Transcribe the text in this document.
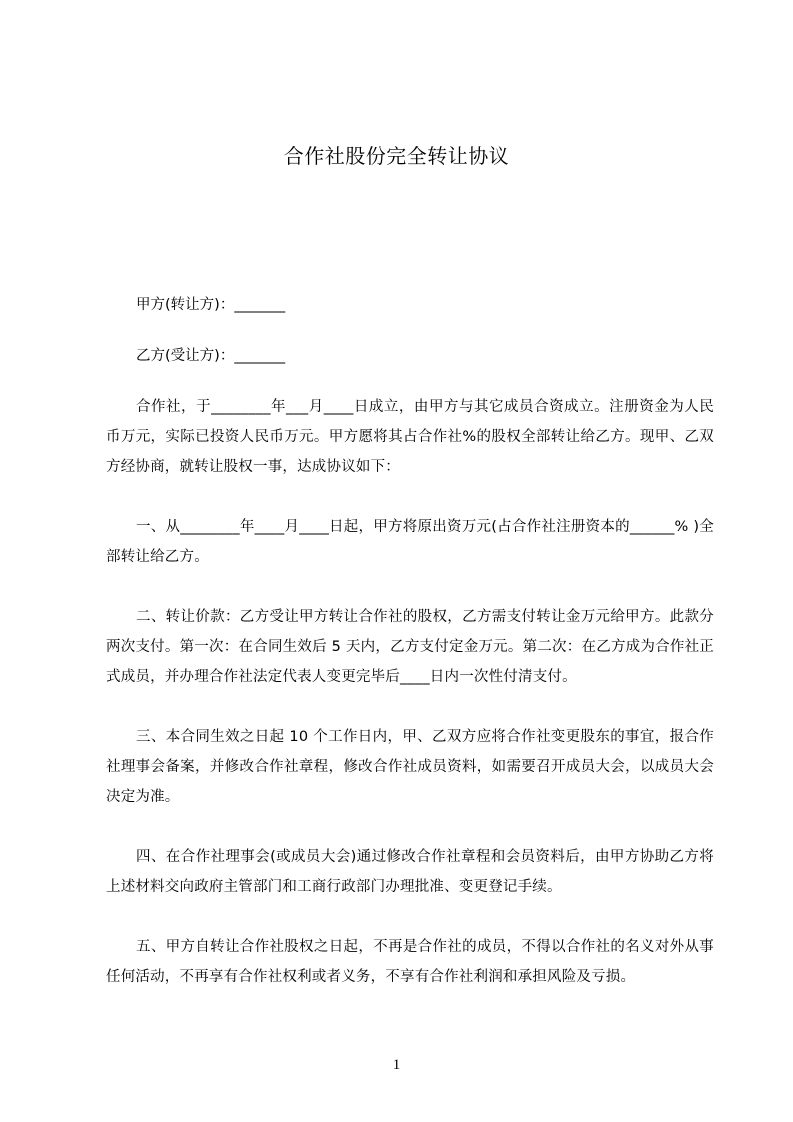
合作社股份完全转让协议

甲方(转让方)：_______

乙方(受让方)：_______

合作社，于________年___月____日成立，由甲方与其它成员合资成立。注册资金为人民币万元，实际已投资人民币万元。甲方愿将其占合作社%的股权全部转让给乙方。现甲、乙双方经协商，就转让股权一事，达成协议如下：

一、从________年____月____日起，甲方将原出资万元(占合作社注册资本的______% )全部转让给乙方。

二、转让价款：乙方受让甲方转让合作社的股权，乙方需支付转让金万元给甲方。此款分两次支付。第一次：在合同生效后 5 天内，乙方支付定金万元。第二次：在乙方成为合作社正式成员，并办理合作社法定代表人变更完毕后____日内一次性付清支付。

三、本合同生效之日起 10 个工作日内，甲、乙双方应将合作社变更股东的事宜，报合作社理事会备案，并修改合作社章程，修改合作社成员资料，如需要召开成员大会，以成员大会决定为准。

四、在合作社理事会(或成员大会)通过修改合作社章程和会员资料后，由甲方协助乙方将上述材料交向政府主管部门和工商行政部门办理批准、变更登记手续。

五、甲方自转让合作社股权之日起，不再是合作社的成员，不得以合作社的名义对外从事任何活动，不再享有合作社权利或者义务，不享有合作社利润和承担风险及亏损。

1
